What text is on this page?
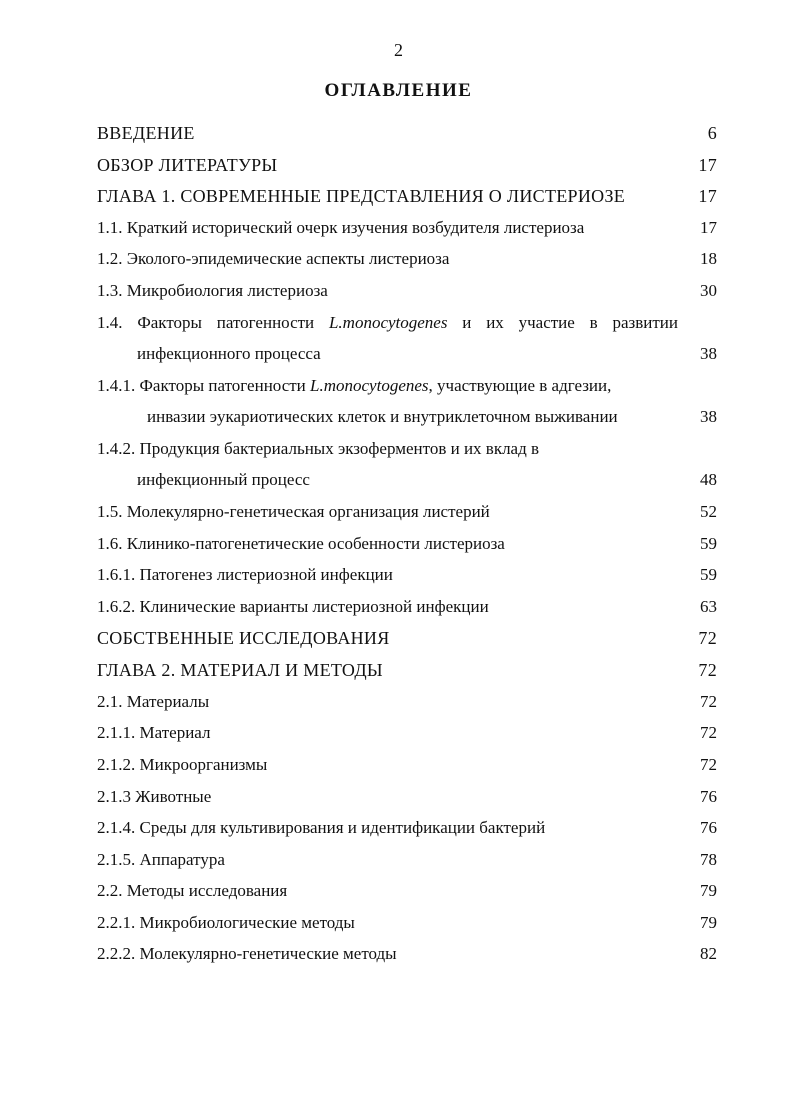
2
ОГЛАВЛЕНИЕ
ВВЕДЕНИЕ	6
ОБЗОР ЛИТЕРАТУРЫ	17
ГЛАВА 1. СОВРЕМЕННЫЕ ПРЕДСТАВЛЕНИЯ О ЛИСТЕРИОЗЕ	17
1.1. Краткий исторический очерк изучения возбудителя листериоза	17
1.2. Эколого-эпидемические аспекты листериоза	18
1.3. Микробиология листериоза	30
1.4. Факторы патогенности L.monocytogenes и их участие в развитии
инфекционного процесса	38
1.4.1. Факторы патогенности L.monocytogenes, участвующие в адгезии,
инвазии эукариотических клеток и внутриклеточном выживании	38
1.4.2. Продукция бактериальных экзоферментов и их вклад в
инфекционный процесс	48
1.5. Молекулярно-генетическая организация листерий	52
1.6. Клинико-патогенетические особенности листериоза	59
1.6.1. Патогенез листериозной инфекции	59
1.6.2. Клинические варианты листериозной инфекции	63
СОБСТВЕННЫЕ ИССЛЕДОВАНИЯ	72
ГЛАВА 2. МАТЕРИАЛ И МЕТОДЫ	72
2.1. Материалы	72
2.1.1. Материал	72
2.1.2. Микроорганизмы	72
2.1.3 Животные	76
2.1.4. Среды для культивирования и идентификации бактерий	76
2.1.5. Аппаратура	78
2.2. Методы исследования	79
2.2.1. Микробиологические методы	79
2.2.2. Молекулярно-генетические методы	82
